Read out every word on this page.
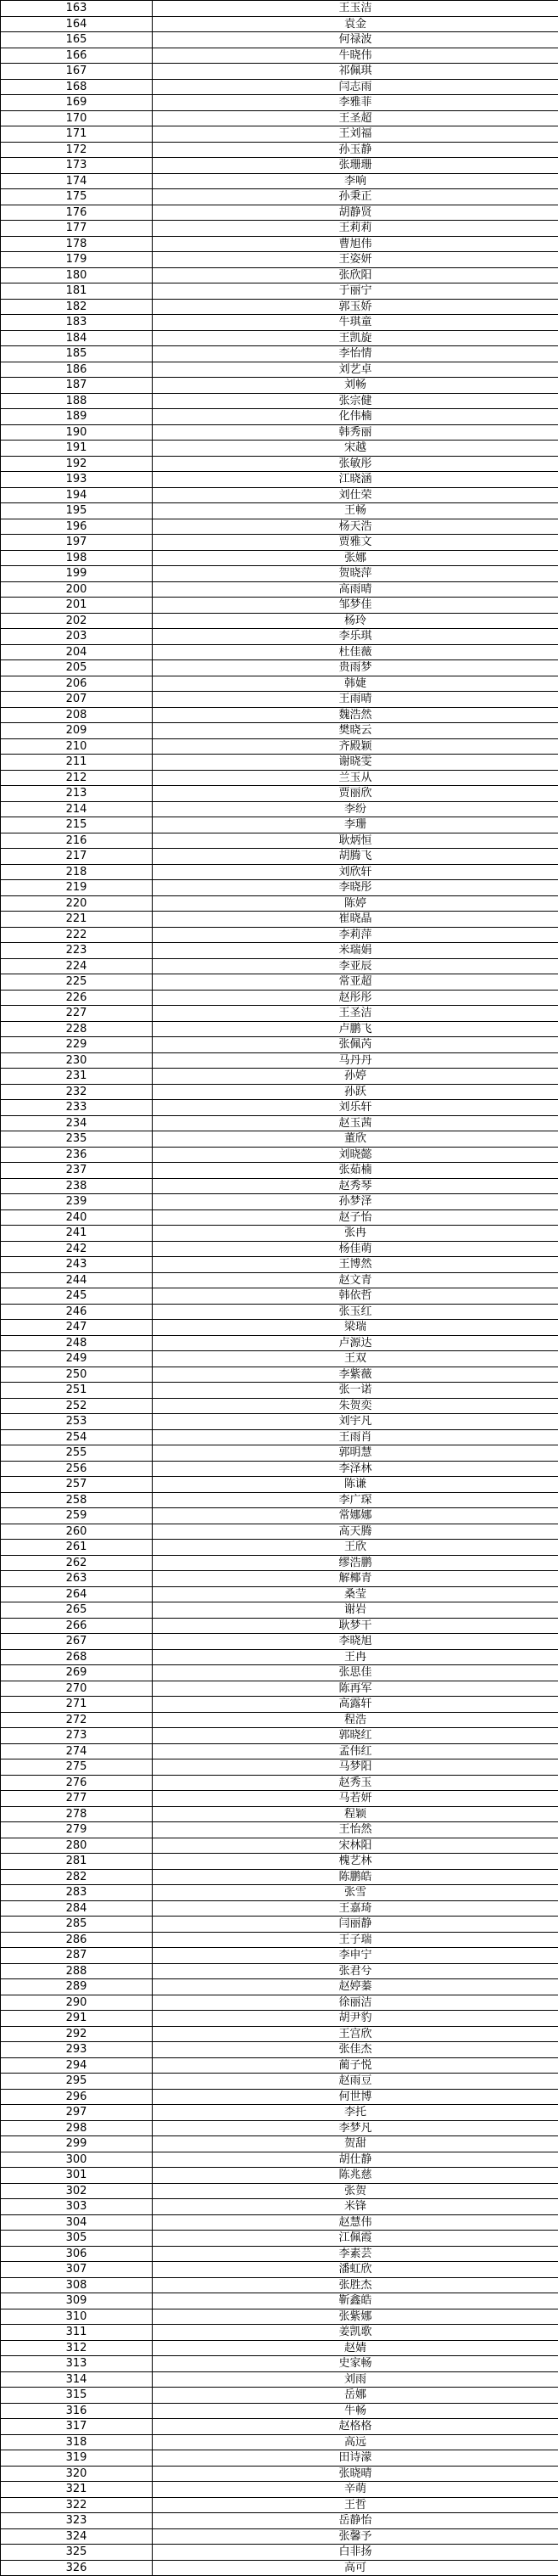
163	王玉洁
164	袁金
165	何禄波
166	牛晓伟
167	祁佩琪
168	闫志雨
169	李雅菲
170	王圣超
171	王刘福
172	孙玉静
173	张珊珊
174	李响
175	孙秉正
176	胡静贤
177	王莉莉
178	曹旭伟
179	王姿妍
180	张欣阳
181	于丽宁
182	郭玉娇
183	牛琪童
184	王凯旋
185	李怡情
186	刘艺卓
187	刘畅
188	张宗健
189	化伟楠
190	韩秀丽
191	宋越
192	张敏彤
193	江晓涵
194	刘仕荣
195	王畅
196	杨天浩
197	贾雅文
198	张娜
199	贺晓萍
200	高雨晴
201	邹梦佳
202	杨玲
203	李乐琪
204	杜佳薇
205	贵雨梦
206	韩婕
207	王雨晴
208	魏浩然
209	樊晓云
210	齐殿颖
211	谢晓雯
212	兰玉从
213	贾丽欣
214	李纷
215	李珊
216	耿炳恒
217	胡腾飞
218	刘欣轩
219	李晓彤
220	陈婷
221	崔晓晶
222	李莉萍
223	米瑞娟
224	李亚辰
225	常亚超
226	赵彤彤
227	王圣洁
228	卢鹏飞
229	张佩芮
230	马丹丹
231	孙婷
232	孙跃
233	刘乐轩
234	赵玉茜
235	董欣
236	刘晓懿
237	张茹楠
238	赵秀琴
239	孙梦泽
240	赵子怡
241	张冉
242	杨佳萌
243	王博然
244	赵文青
245	韩依哲
246	张玉红
247	梁瑞
248	卢源达
249	王双
250	李紫薇
251	张一诺
252	朱贺奕
253	刘宇凡
254	王雨肖
255	郭明慧
256	李泽林
257	陈谦
258	李广琛
259	常娜娜
260	高天腾
261	王欣
262	缪浩鹏
263	解椰青
264	桑莹
265	谢岩
266	耿梦干
267	李晓旭
268	王冉
269	张思佳
270	陈再军
271	高露轩
272	程浩
273	郭晓红
274	孟伟红
275	马梦阳
276	赵秀玉
277	马若妍
278	程颖
279	王怡然
280	宋林阳
281	槐艺林
282	陈鹏皓
283	张雪
284	王嘉琦
285	闫丽静
286	王子瑞
287	李申宁
288	张君兮
289	赵婷蓁
290	徐丽洁
291	胡尹豹
292	王宫欣
293	张佳杰
294	蔺子悦
295	赵雨豆
296	何世博
297	李托
298	李梦凡
299	贺甜
300	胡仕静
301	陈兆慈
302	张贺
303	米锋
304	赵慧伟
305	江佩霞
306	李素芸
307	潘虹欣
308	张胜杰
309	靳鑫皓
310	张紫娜
311	姜凯歌
312	赵婧
313	史家畅
314	刘雨
315	岳娜
316	牛畅
317	赵格格
318	高远
319	田诗濛
320	张晓晴
321	辛萌
322	王哲
323	岳静怡
324	张馨予
325	白非扬
326	高可
